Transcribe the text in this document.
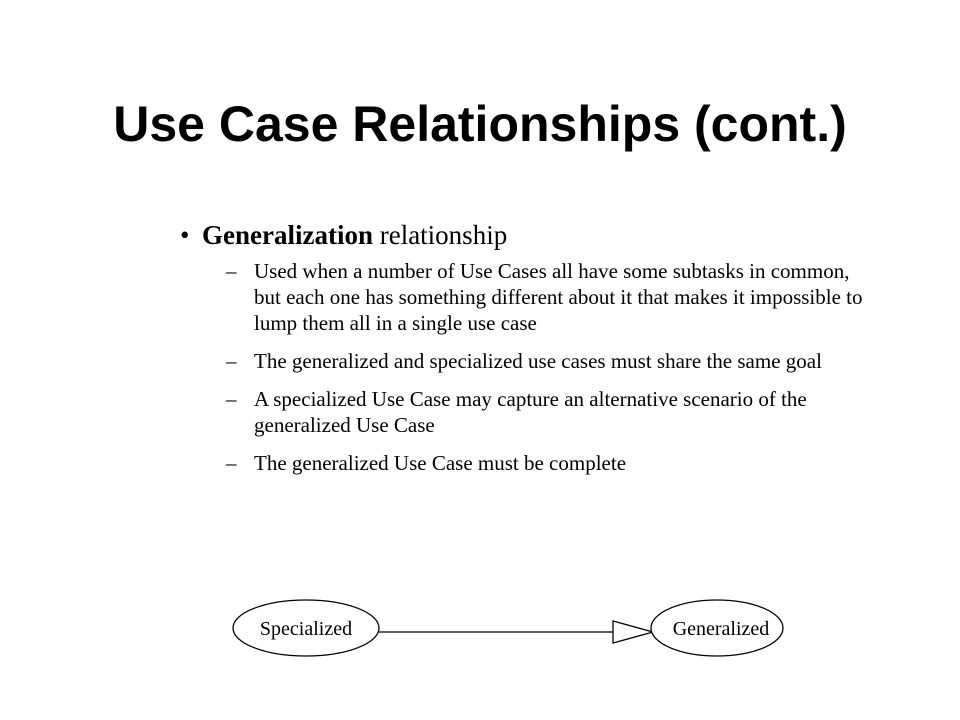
Use Case Relationships (cont.)
• Generalization relationship
– Used when a number of Use Cases all have some subtasks in common, but each one has something different about it that makes it impossible to lump them all in a single use case
– The generalized and specialized use cases must share the same goal
– A specialized Use Case may capture an alternative scenario of the generalized Use Case
– The generalized Use Case must be complete
Specialized	Generalized
